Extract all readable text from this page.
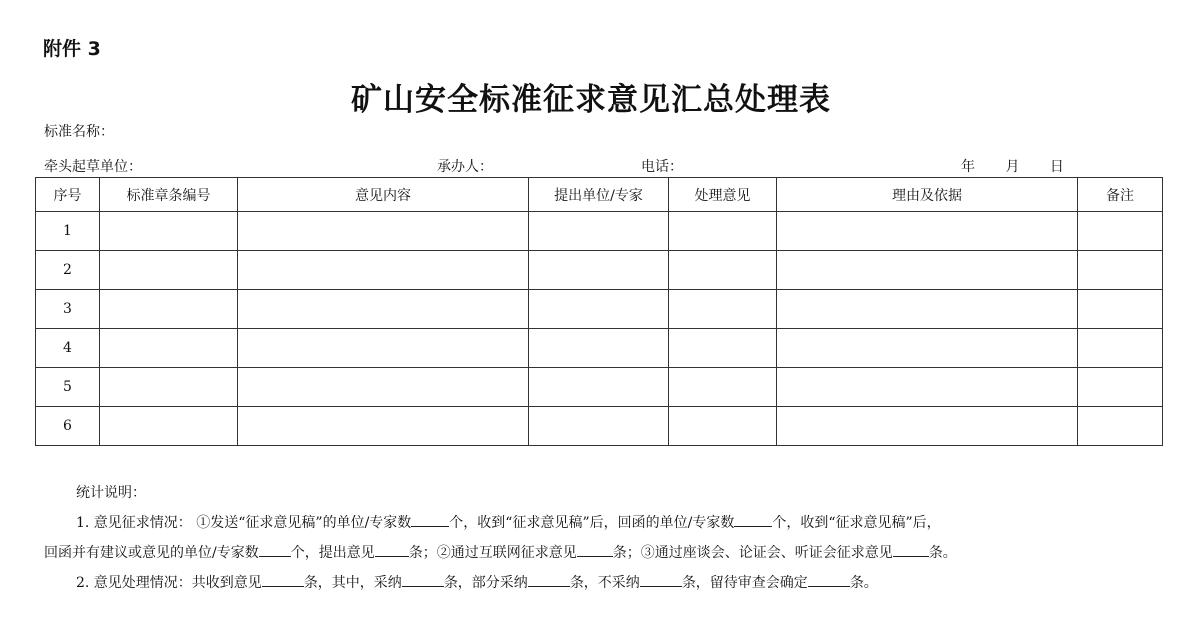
附件 3
矿山安全标准征求意见汇总处理表
标准名称：
牵头起草单位：	承办人：	电话：	年 月 日
序号	标准章条编号	意见内容	提出单位/专家	处理意见	理由及依据	备注
1						
2						
3						
4						
5						
6						
统计说明：
1. 意见征求情况： ①发送“征求意见稿”的单位/专家数	个，收到“征求意见稿”后，回函的单位/专家数	个，收到“征求意见稿”后，
回函并有建议或意见的单位/专家数 个，提出意见 条；②通过互联网征求意见	条；③通过座谈会、论证会、听证会征求意见	条。
2. 意见处理情况：共收到意见	条，其中，采纳	条，部分采纳	条，不采纳	条，留待审查会确定	条。
